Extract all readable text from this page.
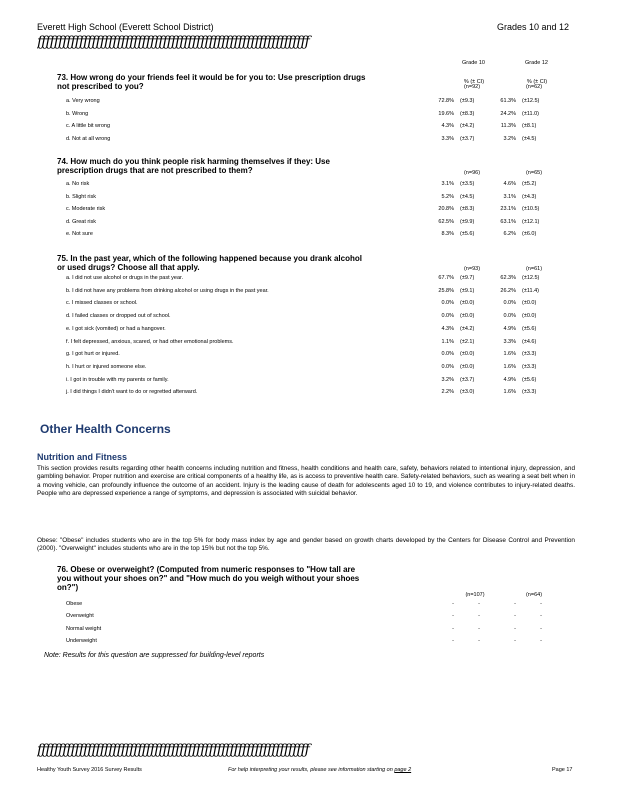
Everett High School (Everett School District)	Grades 10 and 12
ƒƒƒƒƒƒƒƒƒƒƒƒƒƒƒƒƒƒƒƒƒƒƒƒƒƒƒƒƒƒƒƒƒƒƒƒƒƒƒƒƒƒƒƒƒƒƒƒƒƒƒƒƒƒƒƒƒƒƒƒƒƒƒƒƒ
Grade 10	Grade 12
73. How wrong do your friends feel it would be for you to: Use prescription drugs not prescribed to you?	% (± CI)	% (± CI)
(n=92)	(n=62)
a. Very wrong	72.8% (±9.3)	61.3% (±12.5)
b. Wrong	19.6% (±8.3)	24.2% (±11.0)
c. A little bit wrong	4.3% (±4.2)	11.3% (±8.1)
d. Not at all wrong	3.3% (±3.7)	3.2% (±4.5)
74. How much do you think people risk harming themselves if they: Use prescription drugs that are not prescribed to them?	(n=96)	(n=65)
a. No risk	3.1% (±3.5)	4.6% (±5.2)
b. Slight risk	5.2% (±4.5)	3.1% (±4.3)
c. Moderate risk	20.8% (±8.3)	23.1% (±10.5)
d. Great risk	62.5% (±9.9)	63.1% (±12.1)
e. Not sure	8.3% (±5.6)	6.2% (±6.0)
75. In the past year, which of the following happened because you drank alcohol or used drugs? Choose all that apply.	(n=93)	(n=61)
a. I did not use alcohol or drugs in the past year.	67.7% (±9.7)	62.3% (±12.5)
b. I did not have any problems from drinking alcohol or using drugs in the past year.	25.8% (±9.1)	26.2% (±11.4)
c. I missed classes or school.	0.0% (±0.0)	0.0% (±0.0)
d. I failed classes or dropped out of school.	0.0% (±0.0)	0.0% (±0.0)
e. I got sick (vomited) or had a hangover.	4.3% (±4.2)	4.9% (±5.6)
f. I felt depressed, anxious, scared, or had other emotional problems.	1.1% (±2.1)	3.3% (±4.6)
g. I got hurt or injured.	0.0% (±0.0)	1.6% (±3.3)
h. I hurt or injured someone else.	0.0% (±0.0)	1.6% (±3.3)
i. I got in trouble with my parents or family.	3.2% (±3.7)	4.9% (±5.6)
j. I did things I didn't want to do or regretted afterward.	2.2% (±3.0)	1.6% (±3.3)
Other Health Concerns
Nutrition and Fitness
This section provides results regarding other health concerns including nutrition and fitness, health conditions and health care, safety, behaviors related to intentional injury, depression, and gambling behavior. Proper nutrition and exercise are critical components of a healthy life, as is access to preventive health care. Safety-related behaviors, such as wearing a seat belt when in a moving vehicle, can profoundly influence the outcome of an accident. Injury is the leading cause of death for adolescents aged 10 to 19, and violence contributes to injury-related deaths. People who are depressed experience a range of symptoms, and depression is associated with suicidal behavior.
Obese: "Obese" includes students who are in the top 5% for body mass index by age and gender based on growth charts developed by the Centers for Disease Control and Prevention (2000). "Overweight" includes students who are in the top 15% but not the top 5%.
76. Obese or overweight? (Computed from numeric responses to "How tall are you without your shoes on?" and "How much do you weigh without your shoes on?")
(n=107)	(n=64)
Obese	-	-	-	-
Overweight	-	-	-	-
Normal weight	-	-	-	-
Underweight	-	-	-	-
Note: Results for this question are suppressed for building-level reports
ƒƒƒƒƒƒƒƒƒƒƒƒƒƒƒƒƒƒƒƒƒƒƒƒƒƒƒƒƒƒƒƒƒƒƒƒƒƒƒƒƒƒƒƒƒƒƒƒƒƒƒƒƒƒƒƒƒƒƒƒƒƒƒƒƒ
Healthy Youth Survey 2016 Survey Results	For help interpreting your results, please see information starting on page 2	Page 17
